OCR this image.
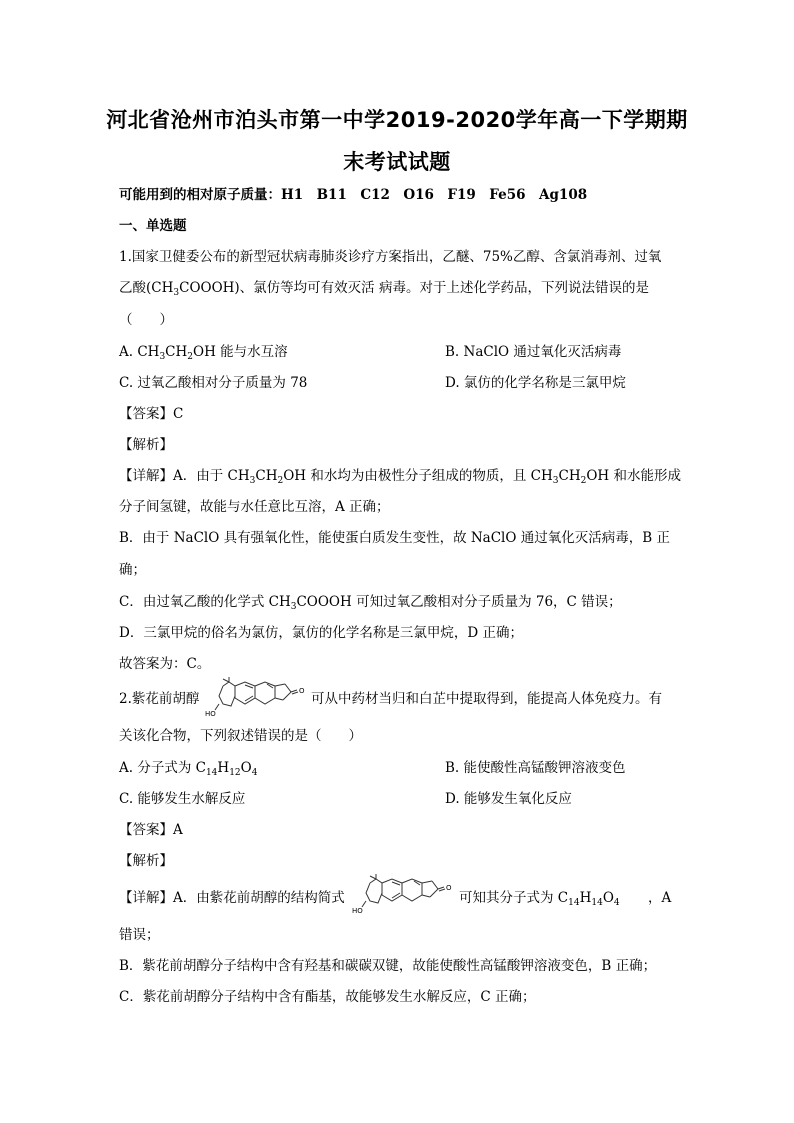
河北省沧州市泊头市第一中学2019-2020学年高一下学期期
末考试试题
可能用到的相对原子质量：H1　B11　C12　O16　F19　Fe56　Ag108
一、单选题
1.国家卫健委公布的新型冠状病毒肺炎诊疗方案指出，乙醚、75%乙醇、含氯消毒剂、过氧
乙酸$(CH_3COOOH)$、氯仿等均可有效灭活 病毒。对于上述化学药品，下列说法错误的是
（　　）
A. $CH_3CH_2OH$ 能与水互溶	B. NaClO 通过氧化灭活病毒
C. 过氧乙酸相对分子质量为 78	D. 氯仿的化学名称是三氯甲烷
【答案】C
【解析】
【详解】A．由于 $CH_3CH_2OH$ 和水均为由极性分子组成的物质，且 $CH_3CH_2OH$ 和水能形成
分子间氢键，故能与水任意比互溶，A 正确；
B．由于 NaClO 具有强氧化性，能使蛋白质发生变性，故 NaClO 通过氧化灭活病毒，B 正
确；
C．由过氧乙酸的化学式 $CH_3COOOH$ 可知过氧乙酸相对分子质量为 76，C 错误；
D．三氯甲烷的俗名为氯仿，氯仿的化学名称是三氯甲烷，D 正确；
故答案为：C。
2.紫花前胡醇
HO
O 可从中药材当归和白芷中提取得到，能提高人体免疫力。有
关该化合物，下列叙述错误的是（　　）
A. 分子式为 $C_{14}H_{12}O_4$	B. 能使酸性高锰酸钾溶液变色
C. 能够发生水解反应	D. 能够发生氧化反应
【答案】A
【解析】
【详解】A．由紫花前胡醇的结构简式
HO
O
可知其分子式为 $C_{14}H_{14}O_4$ ，A
错误；
B．紫花前胡醇分子结构中含有羟基和碳碳双键，故能使酸性高锰酸钾溶液变色，B 正确；
C．紫花前胡醇分子结构中含有酯基，故能够发生水解反应，C 正确；
